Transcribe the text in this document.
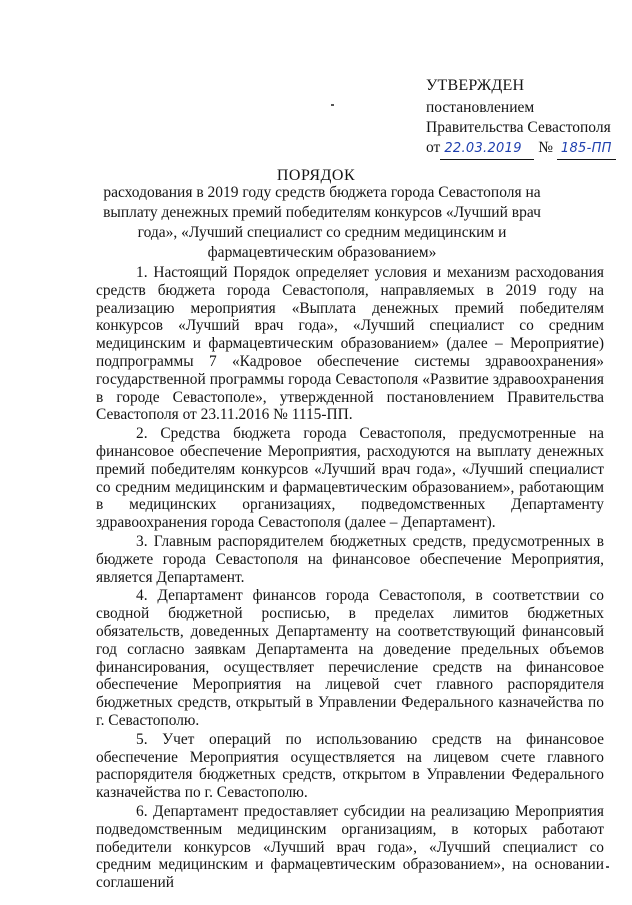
УТВЕРЖДЕН
постановлением
Правительства Севастополя
от 22.03.2019 № 185-ПП
ПОРЯДОК
расходования в 2019 году средств бюджета города Севастополя на выплату денежных премий победителям конкурсов «Лучший врач года», «Лучший специалист со средним медицинским и фармацевтическим образованием»

1. Настоящий Порядок определяет условия и механизм расходования средств бюджета города Севастополя, направляемых в 2019 году на реализацию мероприятия «Выплата денежных премий победителям конкурсов «Лучший врач года», «Лучший специалист со средним медицинским и фармацевтическим образованием» (далее – Мероприятие) подпрограммы 7 «Кадровое обеспечение системы здравоохранения» государственной программы города Севастополя «Развитие здравоохранения в городе Севастополе», утвержденной постановлением Правительства Севастополя от 23.11.2016 № 1115-ПП.

2. Средства бюджета города Севастополя, предусмотренные на финансовое обеспечение Мероприятия, расходуются на выплату денежных премий победителям конкурсов «Лучший врач года», «Лучший специалист со средним медицинским и фармацевтическим образованием», работающим в медицинских организациях, подведомственных Департаменту здравоохранения города Севастополя (далее – Департамент).

3. Главным распорядителем бюджетных средств, предусмотренных в бюджете города Севастополя на финансовое обеспечение Мероприятия, является Департамент.

4. Департамент финансов города Севастополя, в соответствии со сводной бюджетной росписью, в пределах лимитов бюджетных обязательств, доведенных Департаменту на соответствующий финансовый год согласно заявкам Департамента на доведение предельных объемов финансирования, осуществляет перечисление средств на финансовое обеспечение Мероприятия на лицевой счет главного распорядителя бюджетных средств, открытый в Управлении Федерального казначейства по г. Севастополю.

5. Учет операций по использованию средств на финансовое обеспечение Мероприятия осуществляется на лицевом счете главного распорядителя бюджетных средств, открытом в Управлении Федерального казначейства по г. Севастополю.

6. Департамент предоставляет субсидии на реализацию Мероприятия подведомственным медицинским организациям, в которых работают победители конкурсов «Лучший врач года», «Лучший специалист со средним медицинским и фармацевтическим образованием», на основании соглашений
